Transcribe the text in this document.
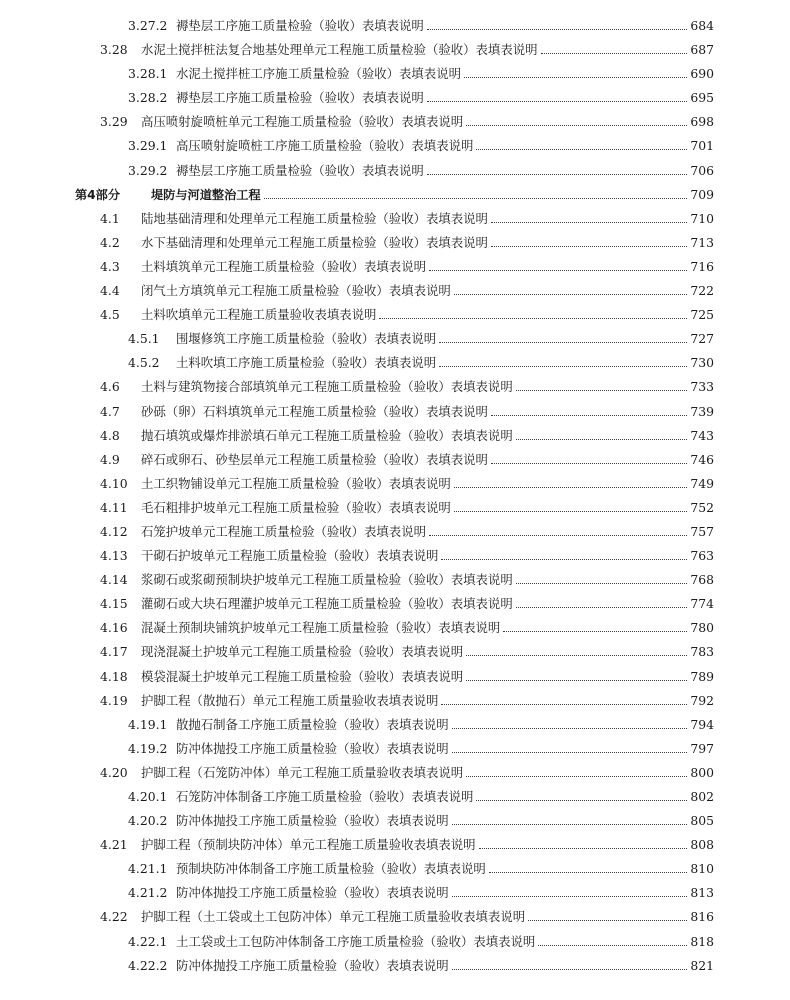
3.27.2 褥垫层工序施工质量检验（验收）表填表说明	684
3.28 水泥土搅拌桩法复合地基处理单元工程施工质量检验（验收）表填表说明	687
3.28.1 水泥土搅拌桩工序施工质量检验（验收）表填表说明	690
3.28.2 褥垫层工序施工质量检验（验收）表填表说明	695
3.29 高压喷射旋喷桩单元工程施工质量检验（验收）表填表说明	698
3.29.1 高压喷射旋喷桩工序施工质量检验（验收）表填表说明	701
3.29.2 褥垫层工序施工质量检验（验收）表填表说明	706
第4部分	堤防与河道整治工程	709
4.1 陆地基础清理和处理单元工程施工质量检验（验收）表填表说明	710
4.2 水下基础清理和处理单元工程施工质量检验（验收）表填表说明	713
4.3 土料填筑单元工程施工质量检验（验收）表填表说明	716
4.4 闭气土方填筑单元工程施工质量检验（验收）表填表说明	722
4.5 土料吹填单元工程施工质量验收表填表说明	725
4.5.1 围堰修筑工序施工质量检验（验收）表填表说明	727
4.5.2 土料吹填工序施工质量检验（验收）表填表说明	730
4.6 土料与建筑物接合部填筑单元工程施工质量检验（验收）表填表说明	733
4.7 砂砾（卵）石料填筑单元工程施工质量检验（验收）表填表说明	739
4.8 抛石填筑或爆炸排淤填石单元工程施工质量检验（验收）表填表说明	743
4.9 碎石或卵石、砂垫层单元工程施工质量检验（验收）表填表说明	746
4.10 土工织物铺设单元工程施工质量检验（验收）表填表说明	749
4.11 毛石粗排护坡单元工程施工质量检验（验收）表填表说明	752
4.12 石笼护坡单元工程施工质量检验（验收）表填表说明	757
4.13 干砌石护坡单元工程施工质量检验（验收）表填表说明	763
4.14 浆砌石或浆砌预制块护坡单元工程施工质量检验（验收）表填表说明	768
4.15 灌砌石或大块石理灌护坡单元工程施工质量检验（验收）表填表说明	774
4.16 混凝土预制块铺筑护坡单元工程施工质量检验（验收）表填表说明	780
4.17 现浇混凝土护坡单元工程施工质量检验（验收）表填表说明	783
4.18 模袋混凝土护坡单元工程施工质量检验（验收）表填表说明	789
4.19 护脚工程（散抛石）单元工程施工质量验收表填表说明	792
4.19.1 散抛石制备工序施工质量检验（验收）表填表说明	794
4.19.2 防冲体抛投工序施工质量检验（验收）表填表说明	797
4.20 护脚工程（石笼防冲体）单元工程施工质量验收表填表说明	800
4.20.1 石笼防冲体制备工序施工质量检验（验收）表填表说明	802
4.20.2 防冲体抛投工序施工质量检验（验收）表填表说明	805
4.21 护脚工程（预制块防冲体）单元工程施工质量验收表填表说明	808
4.21.1 预制块防冲体制备工序施工质量检验（验收）表填表说明	810
4.21.2 防冲体抛投工序施工质量检验（验收）表填表说明	813
4.22 护脚工程（土工袋或土工包防冲体）单元工程施工质量验收表填表说明	816
4.22.1 土工袋或土工包防冲体制备工序施工质量检验（验收）表填表说明	818
4.22.2 防冲体抛投工序施工质量检验（验收）表填表说明	821
